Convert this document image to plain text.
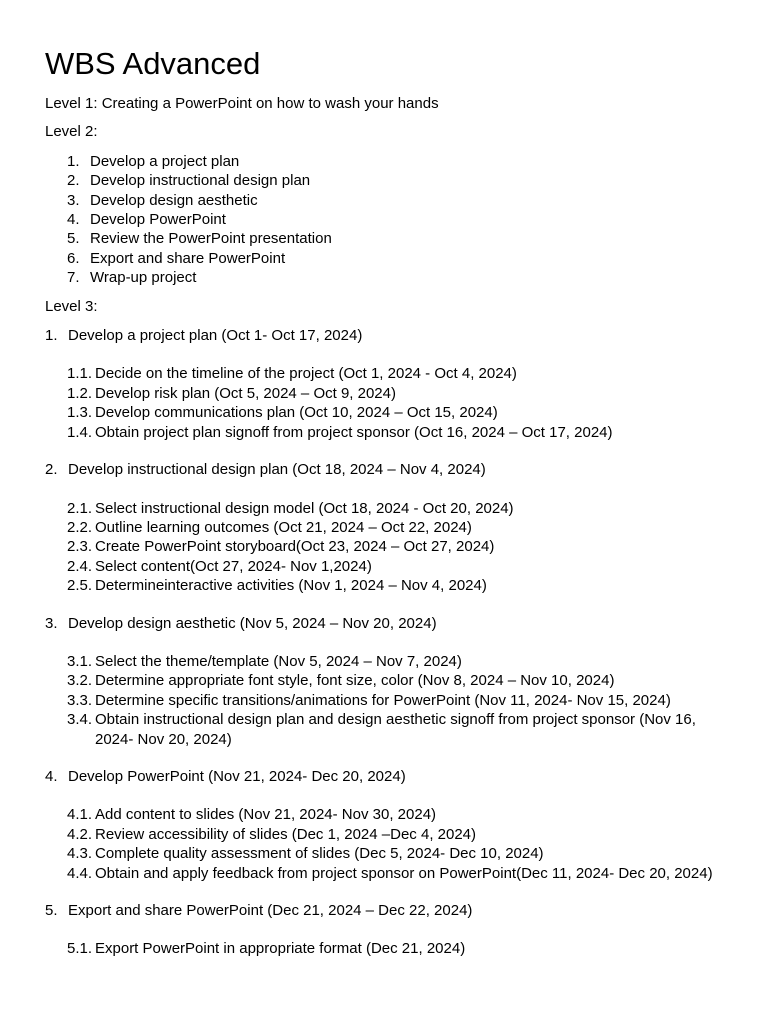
WBS Advanced
Level 1: Creating a PowerPoint on how to wash your hands
Level 2:
1. Develop a project plan
2. Develop instructional design plan
3. Develop design aesthetic
4. Develop PowerPoint
5. Review the PowerPoint presentation
6. Export and share PowerPoint
7. Wrap-up project
Level 3:
1. Develop a project plan (Oct 1- Oct 17, 2024)
1.1. Decide on the timeline of the project (Oct 1, 2024 - Oct 4, 2024)
1.2. Develop risk plan (Oct 5, 2024 – Oct 9, 2024)
1.3. Develop communications plan (Oct 10, 2024 – Oct 15, 2024)
1.4. Obtain project plan signoff from project sponsor (Oct 16, 2024 – Oct 17, 2024)
2. Develop instructional design plan (Oct 18, 2024 – Nov 4, 2024)
2.1. Select instructional design model (Oct 18, 2024 - Oct 20, 2024)
2.2. Outline learning outcomes (Oct 21, 2024 – Oct 22, 2024)
2.3. Create PowerPoint storyboard(Oct 23, 2024 – Oct 27, 2024)
2.4. Select content(Oct 27, 2024- Nov 1,2024)
2.5. Determineinteractive activities (Nov 1, 2024 – Nov 4, 2024)
3. Develop design aesthetic (Nov 5, 2024 – Nov 20, 2024)
3.1. Select the theme/template (Nov 5, 2024 – Nov 7, 2024)
3.2. Determine appropriate font style, font size, color (Nov 8, 2024 – Nov 10, 2024)
3.3. Determine specific transitions/animations for PowerPoint (Nov 11, 2024- Nov 15, 2024)
3.4. Obtain instructional design plan and design aesthetic signoff from project sponsor (Nov 16, 2024- Nov 20, 2024)
4. Develop PowerPoint (Nov 21, 2024- Dec 20, 2024)
4.1. Add content to slides (Nov 21, 2024- Nov 30, 2024)
4.2. Review accessibility of slides (Dec 1, 2024 –Dec 4, 2024)
4.3. Complete quality assessment of slides (Dec 5, 2024- Dec 10, 2024)
4.4. Obtain and apply feedback from project sponsor on PowerPoint(Dec 11, 2024- Dec 20, 2024)
5. Export and share PowerPoint (Dec 21, 2024 – Dec 22, 2024)
5.1. Export PowerPoint in appropriate format (Dec 21, 2024)
